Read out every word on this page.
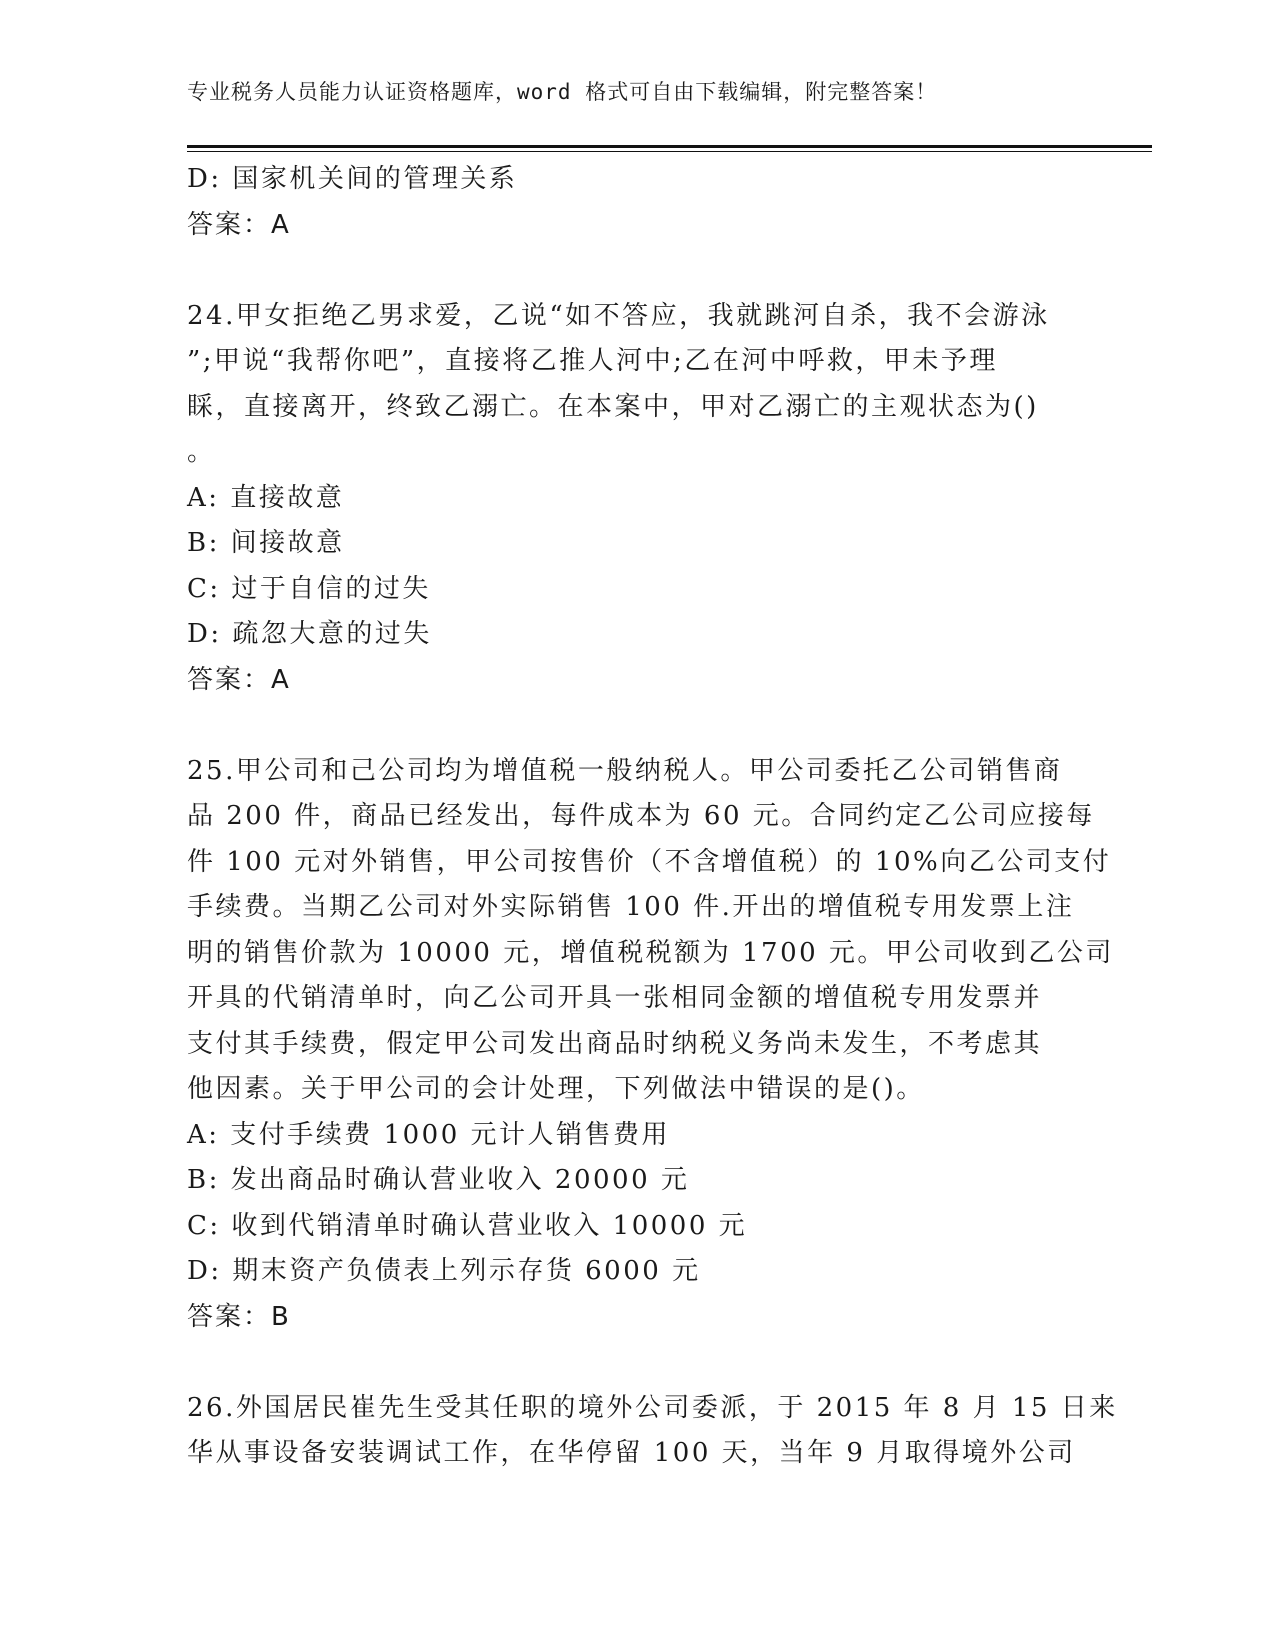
专业税务人员能力认证资格题库，word 格式可自由下载编辑，附完整答案！
D: 国家机关间的管理关系
答案：A
24.甲女拒绝乙男求爱，乙说“如不答应，我就跳河自杀，我不会游泳
”;甲说“我帮你吧”，直接将乙推人河中;乙在河中呼救，甲未予理
睬，直接离开，终致乙溺亡。在本案中，甲对乙溺亡的主观状态为()
。
A: 直接故意
B: 间接故意
C: 过于自信的过失
D: 疏忽大意的过失
答案：A
25.甲公司和己公司均为增值税一般纳税人。甲公司委托乙公司销售商
品 200 件，商品已经发出，每件成本为 60 元。合同约定乙公司应接每
件 100 元对外销售，甲公司按售价（不含增值税）的 10%向乙公司支付
手续费。当期乙公司对外实际销售 100 件.开出的增值税专用发票上注
明的销售价款为 10000 元，增值税税额为 1700 元。甲公司收到乙公司
开具的代销清单时，向乙公司开具一张相同金额的增值税专用发票并
支付其手续费，假定甲公司发出商品时纳税义务尚未发生，不考虑其
他因素。关于甲公司的会计处理，下列做法中错误的是()。
A: 支付手续费 1000 元计人销售费用
B: 发出商品时确认营业收入 20000 元
C: 收到代销清单时确认营业收入 10000 元
D: 期末资产负债表上列示存货 6000 元
答案：B
26.外国居民崔先生受其任职的境外公司委派，于 2015 年 8 月 15 日来
华从事设备安装调试工作，在华停留 100 天，当年 9 月取得境外公司
